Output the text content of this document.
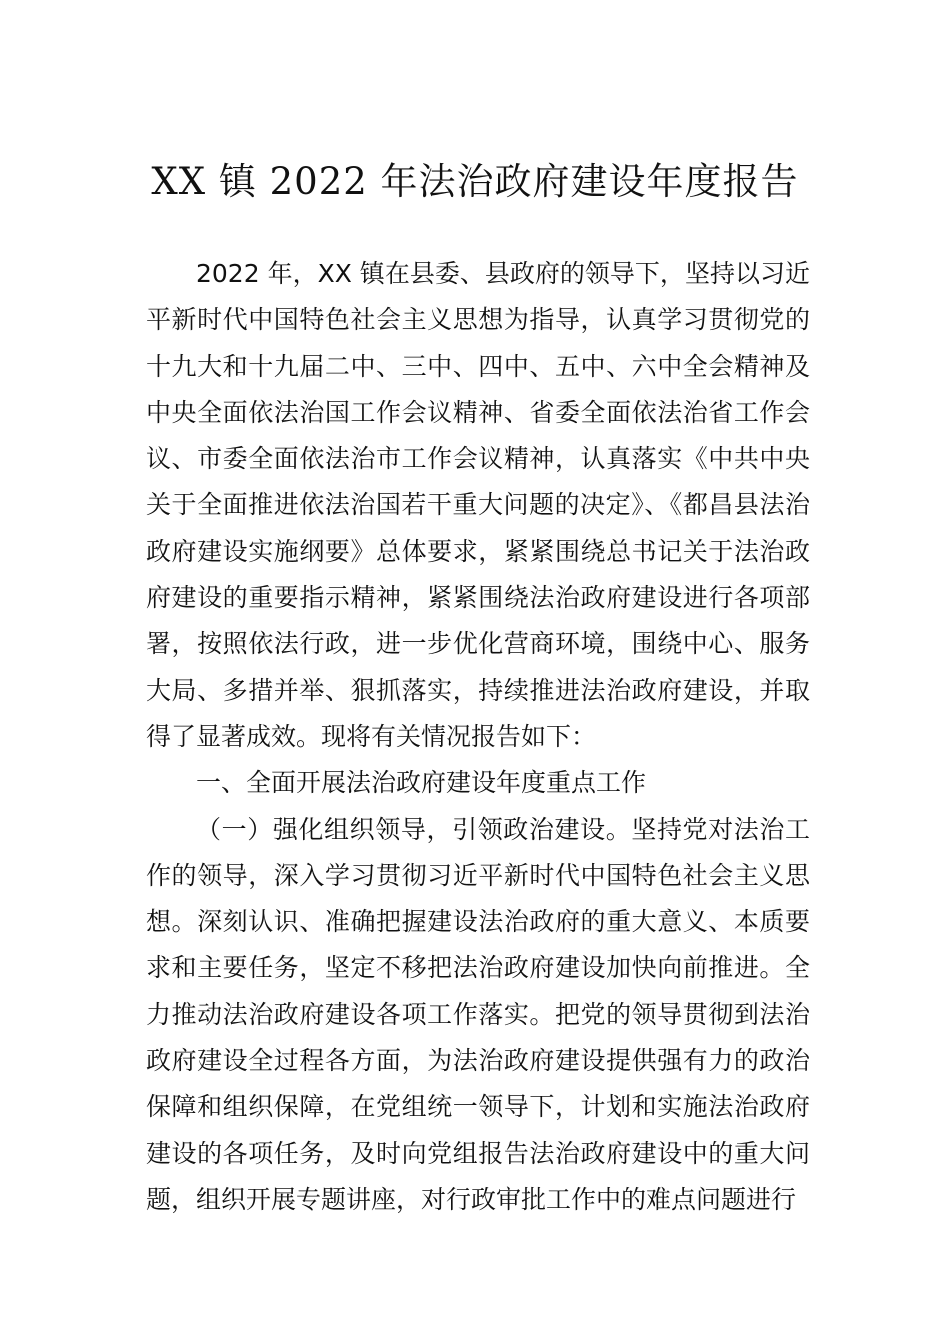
XX 镇 2022 年法治政府建设年度报告

2022 年，XX 镇在县委、县政府的领导下，坚持以习近平新时代中国特色社会主义思想为指导，认真学习贯彻党的十九大和十九届二中、三中、四中、五中、六中全会精神及中央全面依法治国工作会议精神、省委全面依法治省工作会议、市委全面依法治市工作会议精神，认真落实《中共中央关于全面推进依法治国若干重大问题的决定》、《都昌县法治政府建设实施纲要》总体要求，紧紧围绕总书记关于法治政府建设的重要指示精神，紧紧围绕法治政府建设进行各项部署，按照依法行政，进一步优化营商环境，围绕中心、服务大局、多措并举、狠抓落实，持续推进法治政府建设，并取得了显著成效。现将有关情况报告如下：

一、全面开展法治政府建设年度重点工作

（一）强化组织领导，引领政治建设。坚持党对法治工作的领导，深入学习贯彻习近平新时代中国特色社会主义思想。深刻认识、准确把握建设法治政府的重大意义、本质要求和主要任务，坚定不移把法治政府建设加快向前推进。全力推动法治政府建设各项工作落实。把党的领导贯彻到法治政府建设全过程各方面，为法治政府建设提供强有力的政治保障和组织保障，在党组统一领导下，计划和实施法治政府建设的各项任务，及时向党组报告法治政府建设中的重大问题，组织开展专题讲座，对行政审批工作中的难点问题进行
